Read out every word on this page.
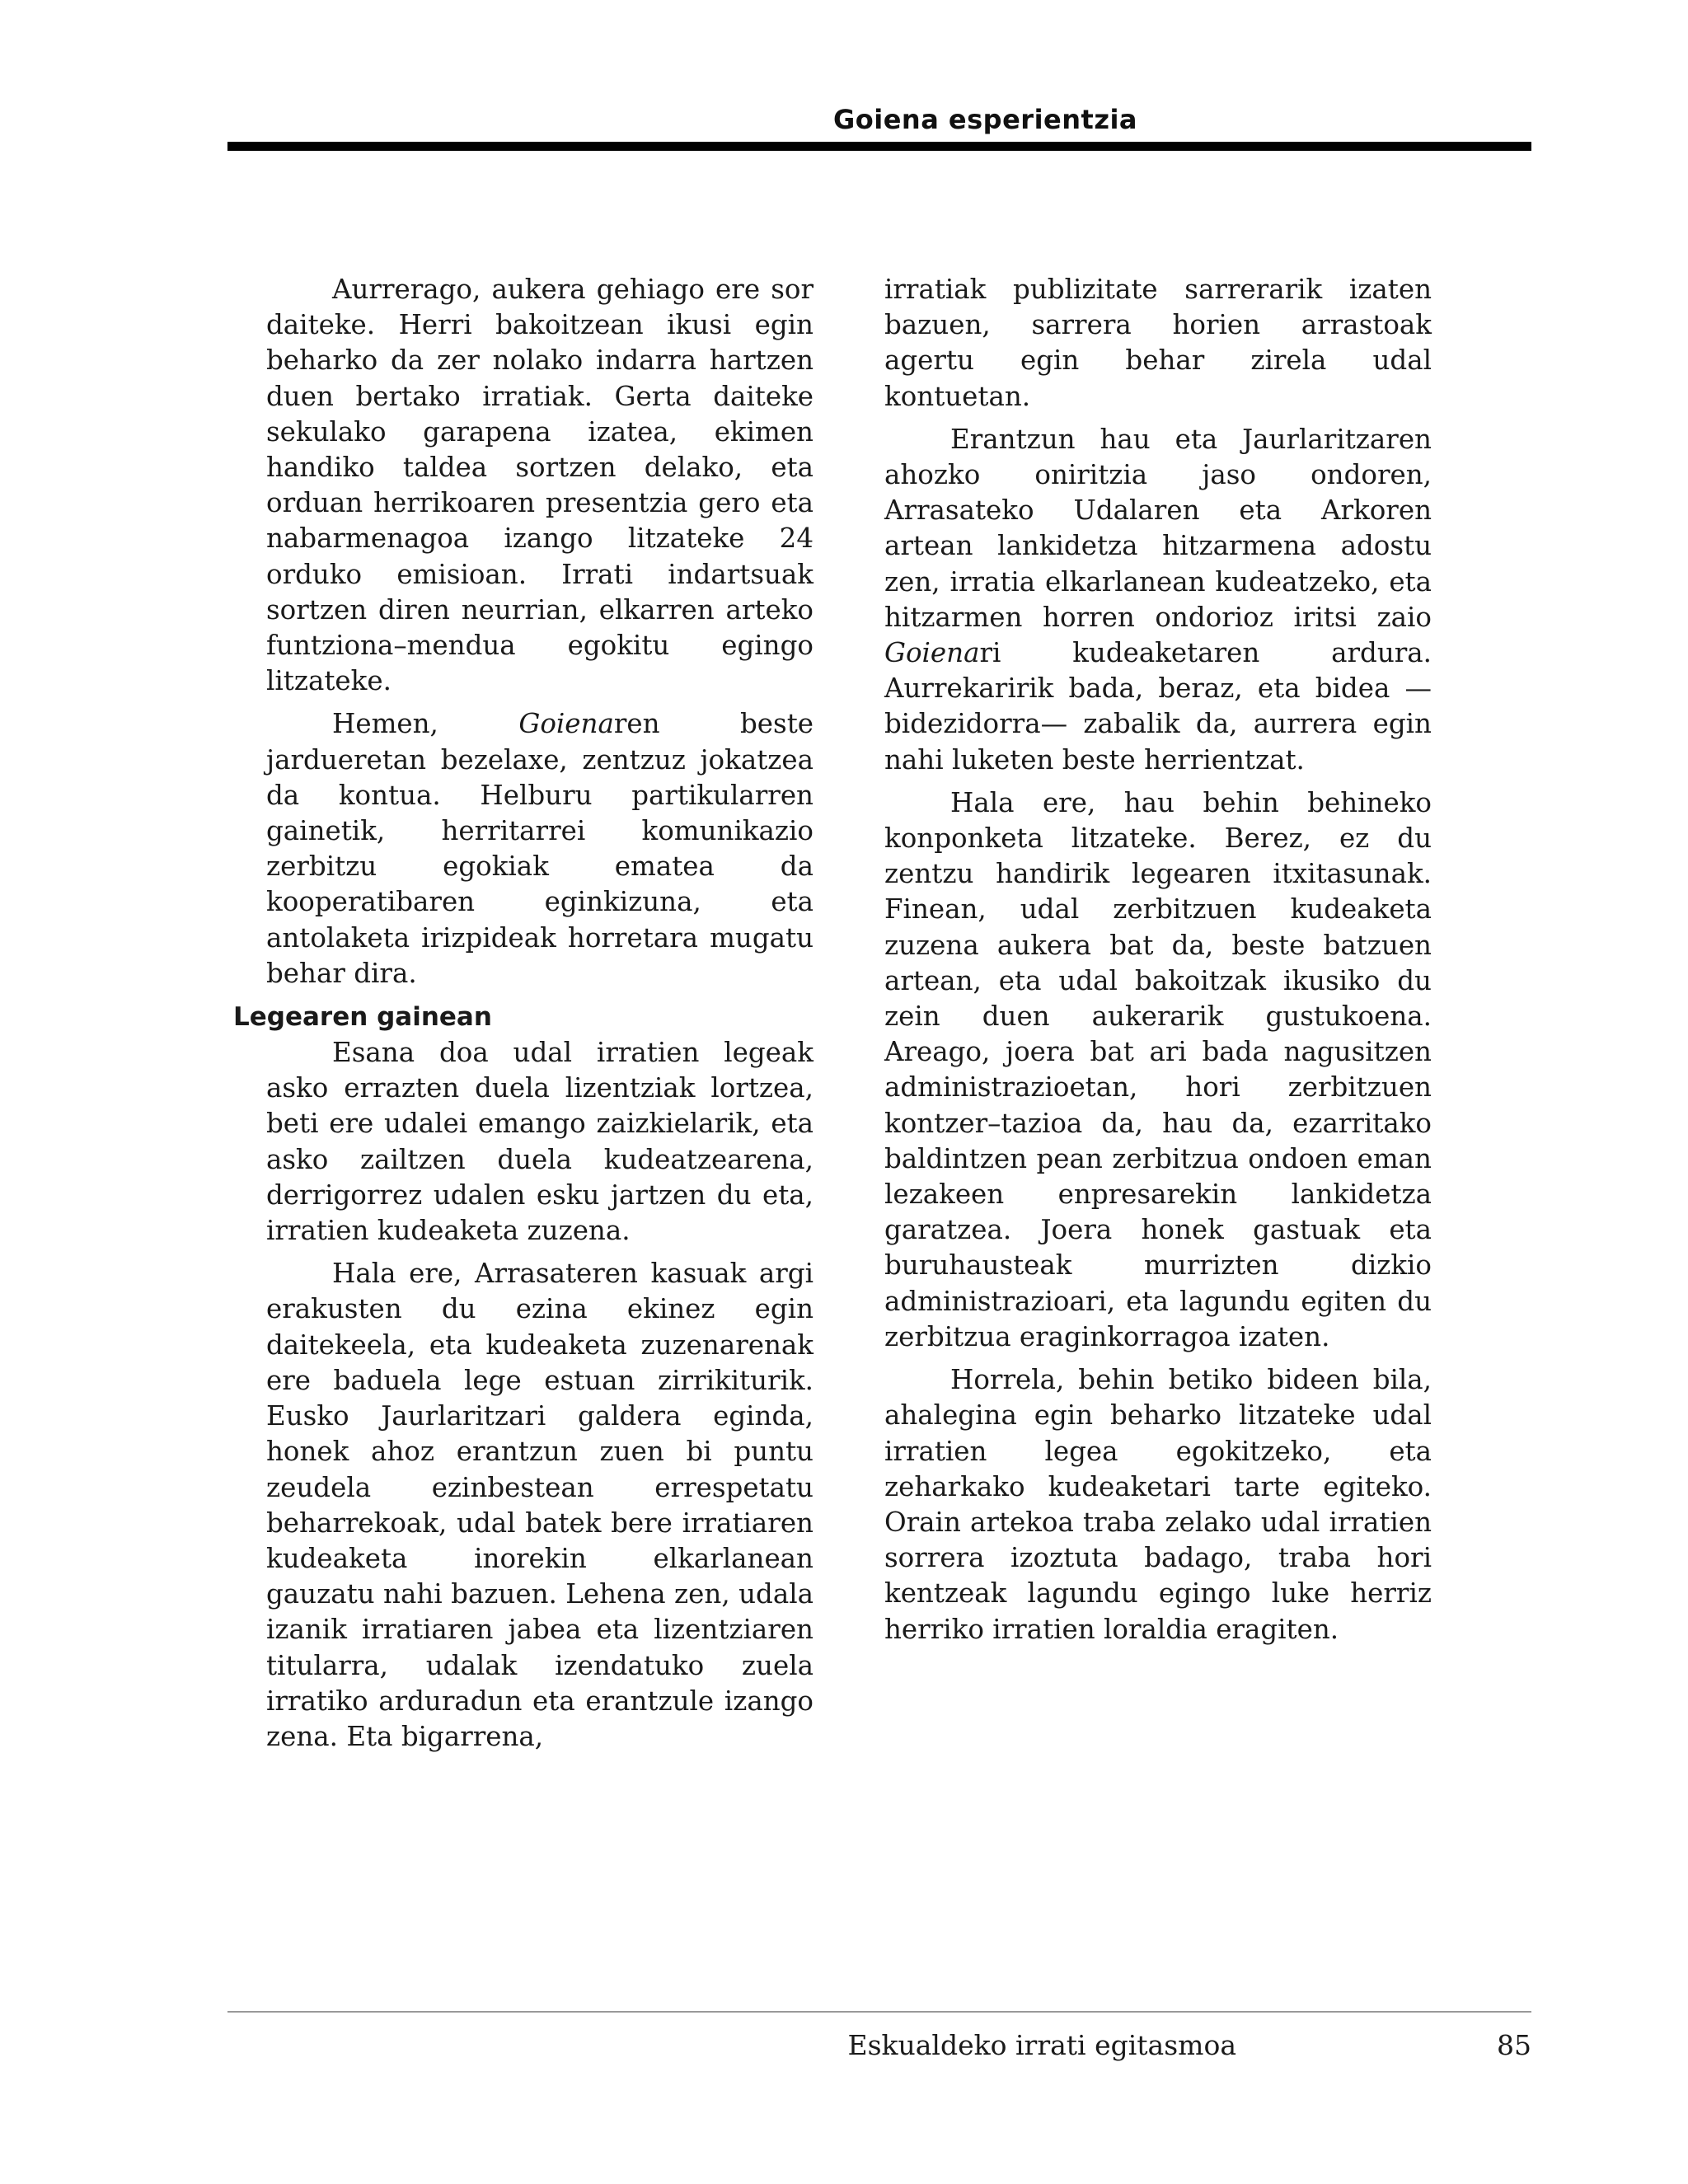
Goiena esperientzia

Aurrerago, aukera gehiago ere sor daiteke. Herri bakoitzean ikusi egin beharko da zer nolako indarra hartzen duen bertako irratiak. Gerta daiteke sekulako garapena izatea, ekimen handiko taldea sortzen delako, eta orduan herrikoaren presentzia gero eta nabarmenagoa izango litzateke 24 orduko emisioan. Irrati indartsuak sortzen diren neurrian, elkarren arteko funtziona–mendua egokitu egingo litzateke.

Hemen, Goienaren beste jardueretan bezelaxe, zentzuz jokatzea da kontua. Helburu partikularren gainetik, herritarrei komunikazio zerbitzu egokiak ematea da kooperatibaren eginkizuna, eta antolaketa irizpideak horretara mugatu behar dira.

Legearen gainean

Esana doa udal irratien legeak asko errazten duela lizentziak lortzea, beti ere udalei emango zaizkielarik, eta asko zailtzen duela kudeatzearena, derrigorrez udalen esku jartzen du eta, irratien kudeaketa zuzena.

Hala ere, Arrasateren kasuak argi erakusten du ezina ekinez egin daitekeela, eta kudeaketa zuzenarenak ere baduela lege estuan zirrikiturik. Eusko Jaurlaritzari galdera eginda, honek ahoz erantzun zuen bi puntu zeudela ezinbestean errespetatu beharrekoak, udal batek bere irratiaren kudeaketa inorekin elkarlanean gauzatu nahi bazuen. Lehena zen, udala izanik irratiaren jabea eta lizentziaren titularra, udalak izendatuko zuela irratiko arduradun eta erantzule izango zena. Eta bigarrena,

irratiak publizitate sarrerarik izaten bazuen, sarrera horien arrastoak agertu egin behar zirela udal kontuetan.

Erantzun hau eta Jaurlaritzaren ahozko oniritzia jaso ondoren, Arrasateko Udalaren eta Arkoren artean lankidetza hitzarmena adostu zen, irratia elkarlanean kudeatzeko, eta hitzarmen horren ondorioz iritsi zaio Goienari kudeaketaren ardura. Aurrekaririk bada, beraz, eta bidea —bidezidorra— zabalik da, aurrera egin nahi luketen beste herrientzat.

Hala ere, hau behin behineko konponketa litzateke. Berez, ez du zentzu handirik legearen itxitasunak. Finean, udal zerbitzuen kudeaketa zuzena aukera bat da, beste batzuen artean, eta udal bakoitzak ikusiko du zein duen aukerarik gustukoena. Areago, joera bat ari bada nagusitzen administrazioetan, hori zerbitzuen kontzer–tazioa da, hau da, ezarritako baldintzen pean zerbitzua ondoen eman lezakeen enpresarekin lankidetza garatzea. Joera honek gastuak eta buruhausteak murrizten dizkio administrazioari, eta lagundu egiten du zerbitzua eraginkorragoa izaten.

Horrela, behin betiko bideen bila, ahalegina egin beharko litzateke udal irratien legea egokitzeko, eta zeharkako kudeaketari tarte egiteko. Orain artekoa traba zelako udal irratien sorrera izoztuta badago, traba hori kentzeak lagundu egingo luke herriz herriko irratien loraldia eragiten.

Eskualdeko irrati egitasmoa	85
